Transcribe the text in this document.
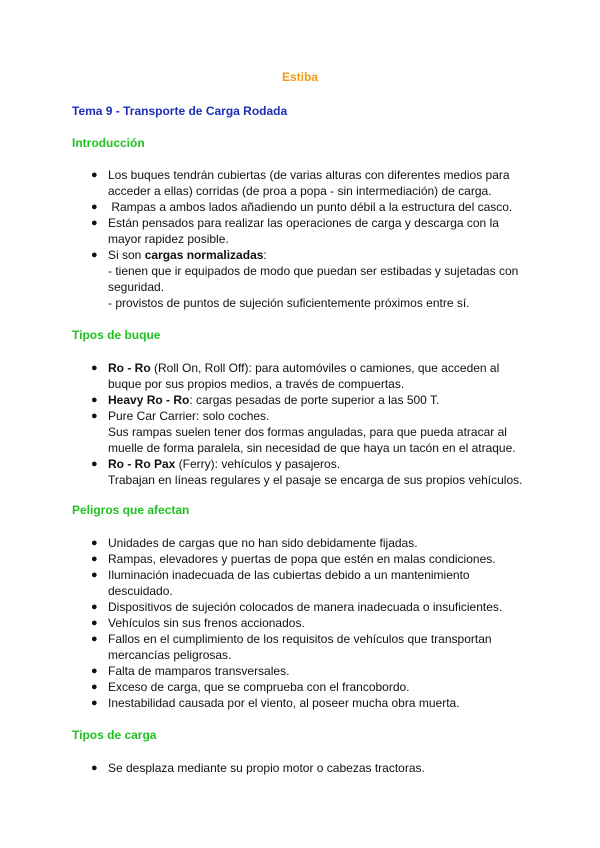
Estiba
Tema 9 - Transporte de Carga Rodada
Introducción
● Los buques tendrán cubiertas (de varias alturas con diferentes medios para
acceder a ellas) corridas (de proa a popa - sin intermediación) de carga.
● Rampas a ambos lados añadiendo un punto débil a la estructura del casco.
● Están pensados para realizar las operaciones de carga y descarga con la
mayor rapidez posible.
● Si son cargas normalizadas:
- tienen que ir equipados de modo que puedan ser estibadas y sujetadas con
seguridad.
- provistos de puntos de sujeción suficientemente próximos entre sí.
Tipos de buque
● Ro - Ro (Roll On, Roll Off): para automóviles o camiones, que acceden al
buque por sus propios medios, a través de compuertas.
● Heavy Ro - Ro: cargas pesadas de porte superior a las 500 T.
● Pure Car Carrier: solo coches.
Sus rampas suelen tener dos formas anguladas, para que pueda atracar al
muelle de forma paralela, sin necesidad de que haya un tacón en el atraque.
● Ro - Ro Pax (Ferry): vehículos y pasajeros.
Trabajan en líneas regulares y el pasaje se encarga de sus propios vehículos.
Peligros que afectan
● Unidades de cargas que no han sido debidamente fijadas.
● Rampas, elevadores y puertas de popa que estén en malas condiciones.
● Iluminación inadecuada de las cubiertas debido a un mantenimiento
descuidado.
● Dispositivos de sujeción colocados de manera inadecuada o insuficientes.
● Vehículos sin sus frenos accionados.
● Fallos en el cumplimiento de los requisitos de vehículos que transportan
mercancías peligrosas.
● Falta de mamparos transversales.
● Exceso de carga, que se comprueba con el francobordo.
● Inestabilidad causada por el viento, al poseer mucha obra muerta.
Tipos de carga
● Se desplaza mediante su propio motor o cabezas tractoras.
